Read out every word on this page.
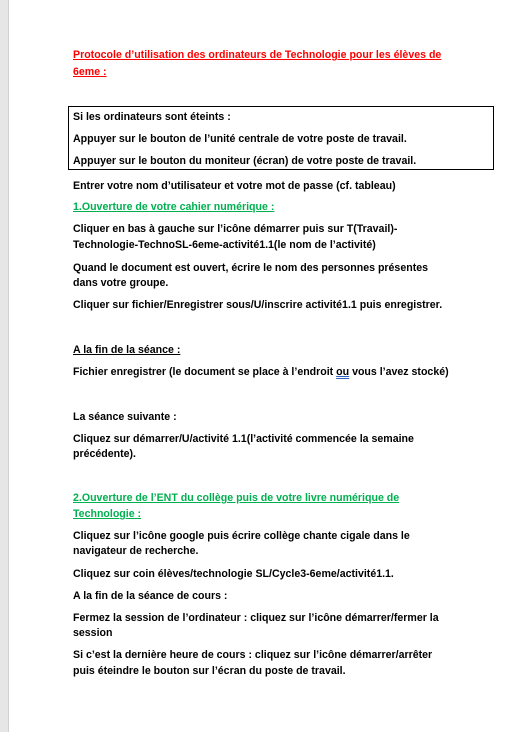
Protocole d’utilisation des ordinateurs de Technologie pour les élèves de
6eme :
Si les ordinateurs sont éteints :
Appuyer sur le bouton de l’unité centrale de votre poste de travail.
Appuyer sur le bouton du moniteur (écran) de votre poste de travail.
Entrer votre nom d’utilisateur et votre mot de passe (cf. tableau)
1.Ouverture de votre cahier numérique :
Cliquer en bas à gauche sur l’icône démarrer puis sur T(Travail)-
Technologie-TechnoSL-6eme-activité1.1(le nom de l’activité)
Quand le document est ouvert, écrire le nom des personnes présentes
dans votre groupe.
Cliquer sur fichier/Enregistrer sous/U/inscrire activité1.1 puis enregistrer.
A la fin de la séance :
Fichier enregistrer (le document se place à l’endroit ou vous l’avez stocké)
La séance suivante :
Cliquez sur démarrer/U/activité 1.1(l’activité commencée la semaine
précédente).
2.Ouverture de l’ENT du collège puis de votre livre numérique de
Technologie :
Cliquez sur l’icône google puis écrire collège chante cigale dans le
navigateur de recherche.
Cliquez sur coin élèves/technologie SL/Cycle3-6eme/activité1.1.
A la fin de la séance de cours :
Fermez la session de l’ordinateur : cliquez sur l’icône démarrer/fermer la
session
Si c’est la dernière heure de cours : cliquez sur l’icône démarrer/arrêter
puis éteindre le bouton sur l’écran du poste de travail.
